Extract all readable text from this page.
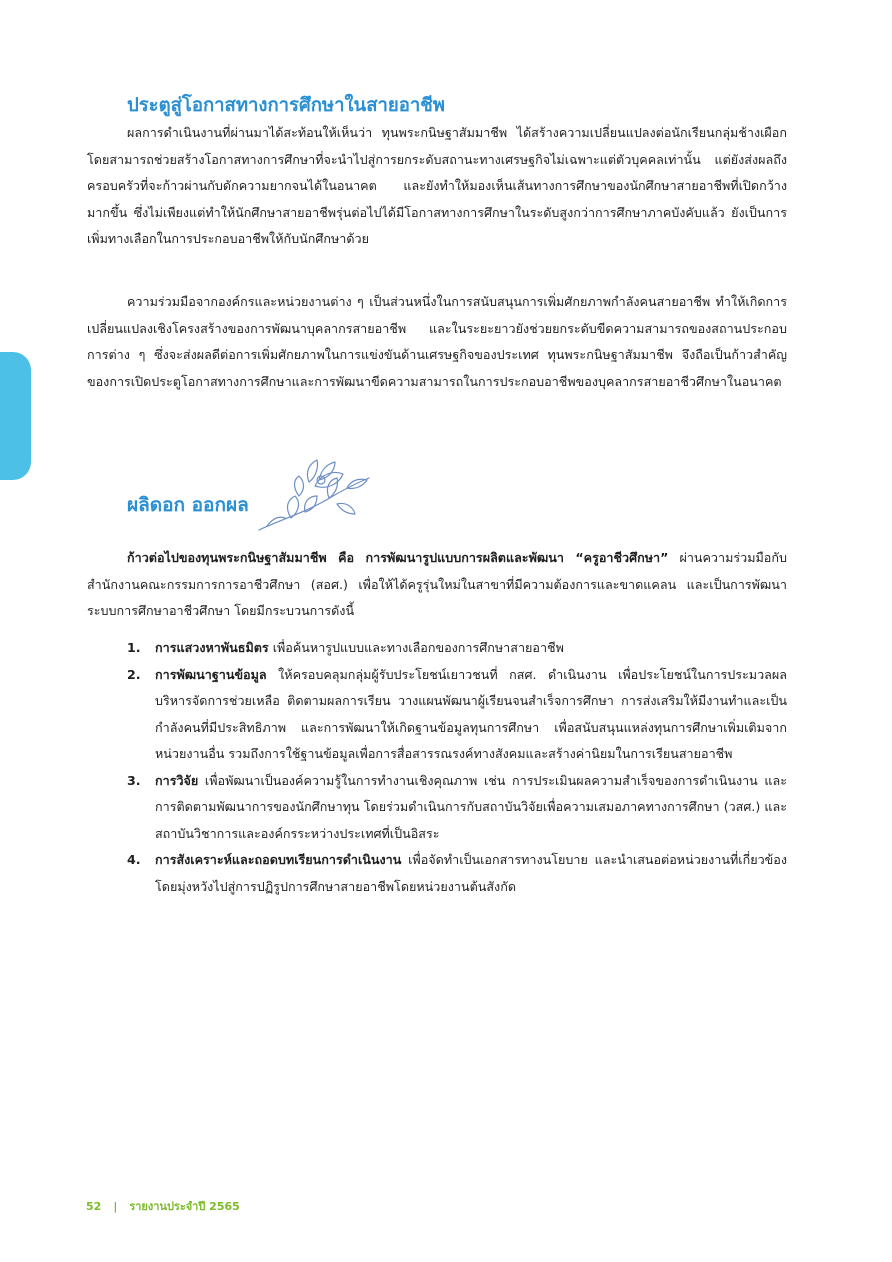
ประตูสู่โอกาสทางการศึกษาในสายอาชีพ

ผลการดำเนินงานที่ผ่านมาได้สะท้อนให้เห็นว่า ทุนพระกนิษฐาสัมมาชีพ ได้สร้างความเปลี่ยนแปลงต่อนักเรียนกลุ่มช้างเผือก โดยสามารถช่วยสร้างโอกาสทางการศึกษาที่จะนำไปสู่การยกระดับสถานะทางเศรษฐกิจไม่เฉพาะแต่ตัวบุคคลเท่านั้น แต่ยังส่งผลถึงครอบครัวที่จะก้าวผ่านกับดักความยากจนได้ในอนาคต และยังทำให้มองเห็นเส้นทางการศึกษาของนักศึกษาสายอาชีพที่เปิดกว้างมากขึ้น ซึ่งไม่เพียงแต่ทำให้นักศึกษาสายอาชีพรุ่นต่อไปได้มีโอกาสทางการศึกษาในระดับสูงกว่าการศึกษาภาคบังคับแล้ว ยังเป็นการเพิ่มทางเลือกในการประกอบอาชีพให้กับนักศึกษาด้วย

ความร่วมมือจากองค์กรและหน่วยงานต่าง ๆ เป็นส่วนหนึ่งในการสนับสนุนการเพิ่มศักยภาพกำลังคนสายอาชีพ ทำให้เกิดการเปลี่ยนแปลงเชิงโครงสร้างของการพัฒนาบุคลากรสายอาชีพ และในระยะยาวยังช่วยยกระดับขีดความสามารถของสถานประกอบการต่าง ๆ ซึ่งจะส่งผลดีต่อการเพิ่มศักยภาพในการแข่งขันด้านเศรษฐกิจของประเทศ ทุนพระกนิษฐาสัมมาชีพ จึงถือเป็นก้าวสำคัญของการเปิดประตูโอกาสทางการศึกษาและการพัฒนาขีดความสามารถในการประกอบอาชีพของบุคลากรสายอาชีวศึกษาในอนาคต

ผลิดอก ออกผล

ก้าวต่อไปของทุนพระกนิษฐาสัมมาชีพ คือ การพัฒนารูปแบบการผลิตและพัฒนา “ครูอาชีวศึกษา” ผ่านความร่วมมือกับสำนักงานคณะกรรมการการอาชีวศึกษา (สอศ.) เพื่อให้ได้ครูรุ่นใหม่ในสาขาที่มีความต้องการและขาดแคลน และเป็นการพัฒนาระบบการศึกษาอาชีวศึกษา โดยมีกระบวนการดังนี้

1. การแสวงหาพันธมิตร เพื่อค้นหารูปแบบและทางเลือกของการศึกษาสายอาชีพ
2. การพัฒนาฐานข้อมูล ให้ครอบคลุมกลุ่มผู้รับประโยชน์เยาวชนที่ กสศ. ดำเนินงาน เพื่อประโยชน์ในการประมวลผล บริหารจัดการช่วยเหลือ ติดตามผลการเรียน วางแผนพัฒนาผู้เรียนจนสำเร็จการศึกษา การส่งเสริมให้มีงานทำและเป็นกำลังคนที่มีประสิทธิภาพ และการพัฒนาให้เกิดฐานข้อมูลทุนการศึกษา เพื่อสนับสนุนแหล่งทุนการศึกษาเพิ่มเติมจากหน่วยงานอื่น รวมถึงการใช้ฐานข้อมูลเพื่อการสื่อสารรณรงค์ทางสังคมและสร้างค่านิยมในการเรียนสายอาชีพ
3. การวิจัย เพื่อพัฒนาเป็นองค์ความรู้ในการทำงานเชิงคุณภาพ เช่น การประเมินผลความสำเร็จของการดำเนินงาน และการติดตามพัฒนาการของนักศึกษาทุน โดยร่วมดำเนินการกับสถาบันวิจัยเพื่อความเสมอภาคทางการศึกษา (วสศ.) และสถาบันวิชาการและองค์กรระหว่างประเทศที่เป็นอิสระ
4. การสังเคราะห์และถอดบทเรียนการดำเนินงาน เพื่อจัดทำเป็นเอกสารทางนโยบาย และนำเสนอต่อหน่วยงานที่เกี่ยวข้อง โดยมุ่งหวังไปสู่การปฏิรูปการศึกษาสายอาชีพโดยหน่วยงานต้นสังกัด
52 | รายงานประจำปี 2565
